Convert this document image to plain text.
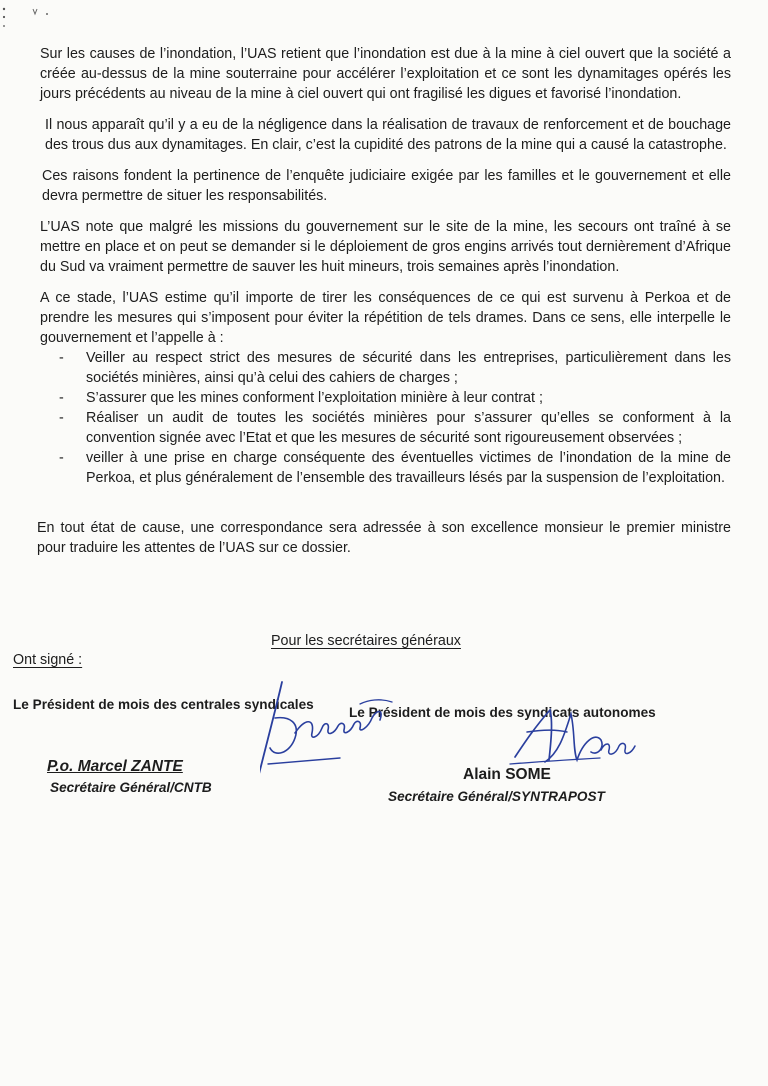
Sur les causes de l’inondation, l’UAS retient que l’inondation est due à la mine à ciel ouvert que la société a créée au-dessus de la mine souterraine pour accélérer l’exploitation et ce sont les dynamitages opérés les jours précédents au niveau de la mine à ciel ouvert qui ont fragilisé les digues et favorisé l’inondation.

Il nous apparaît qu’il y a eu de la négligence dans la réalisation de travaux de renforcement et de bouchage des trous dus aux dynamitages. En clair, c’est la cupidité des patrons de la mine qui a causé la catastrophe.

Ces raisons fondent la pertinence de l’enquête judiciaire exigée par les familles et le gouvernement et elle devra permettre de situer les responsabilités.

L’UAS note que malgré les missions du gouvernement sur le site de la mine, les secours ont traîné à se mettre en place et on peut se demander si le déploiement de gros engins arrivés tout dernièrement d’Afrique du Sud va vraiment permettre de sauver les huit mineurs, trois semaines après l’inondation.

A ce stade, l’UAS estime qu’il importe de tirer les conséquences de ce qui est survenu à Perkoa et de prendre les mesures qui s’imposent pour éviter la répétition de tels drames. Dans ce sens, elle interpelle le gouvernement et l’appelle à :

- Veiller au respect strict des mesures de sécurité dans les entreprises, particulièrement dans les sociétés minières, ainsi qu’à celui des cahiers de charges ;
- S’assurer que les mines conforment l’exploitation minière à leur contrat ;
- Réaliser un audit de toutes les sociétés minières pour s’assurer qu’elles se conforment à la convention signée avec l’Etat et que les mesures de sécurité sont rigoureusement observées ;
- veiller à une prise en charge conséquente des éventuelles victimes de l’inondation de la mine de Perkoa, et plus généralement de l’ensemble des travailleurs lésés par la suspension de l’exploitation.

En tout état de cause, une correspondance sera adressée à son excellence monsieur le premier ministre pour traduire les attentes de l’UAS sur ce dossier.

Pour les secrétaires généraux
Ont signé :
Le Président de mois des centrales syndicales
Le Président de mois des syndicats autonomes
P.o. Marcel ZANTE
Secrétaire Général/CNTB
Alain SOME
Secrétaire Général/SYNTRAPOST
